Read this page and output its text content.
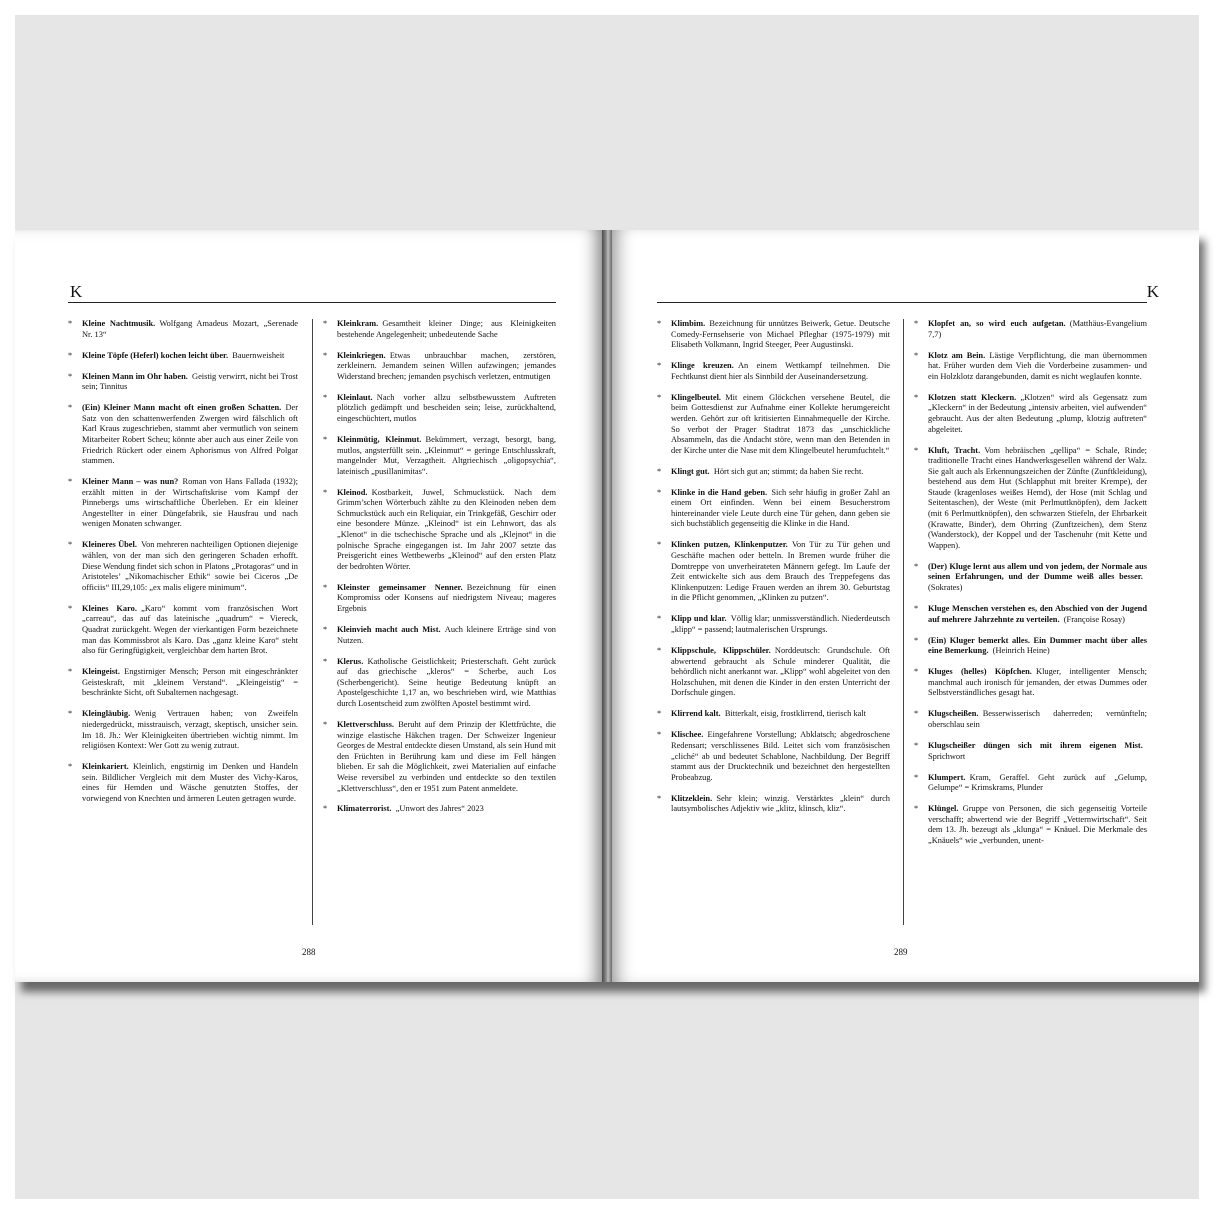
K
* Kleine Nachtmusik.  Wolfgang Amadeus Mozart, „Serenade Nr. 13“
* Kleine Töpfe (Heferl) kochen leicht über.  Bauernweisheit
* Kleinen Mann im Ohr haben.  Geistig verwirrt, nicht bei Trost sein; Tinnitus
* (Ein) Kleiner Mann macht oft einen großen Schatten.  Der Satz von den schattenwerfenden Zwergen wird fälschlich oft Karl Kraus zugeschrieben, stammt aber vermutlich von seinem Mitarbeiter Robert Scheu; könnte aber auch aus einer Zeile von Friedrich Rückert oder einem Aphorismus von Alfred Polgar stammen.
* Kleiner Mann – was nun?  Roman von Hans Fallada (1932); erzählt mitten in der Wirtschaftskrise vom Kampf der Pinnebergs ums wirtschaftliche Überleben. Er ein kleiner Angestellter in einer Düngefabrik, sie Hausfrau und nach wenigen Monaten schwanger.
* Kleineres Übel.  Von mehreren nachteiligen Optionen diejenige wählen, von der man sich den geringeren Schaden erhofft. Diese Wendung findet sich schon in Platons „Protagoras“ und in Aristoteles’ „Nikomachischer Ethik“ sowie bei Ciceros „De officiis“ III,29,105: „ex malis eligere minimum“.
* Kleines Karo.  „Karo“ kommt vom französischen Wort „carreau“, das auf das lateinische „quadrum“ = Viereck, Quadrat zurückgeht. Wegen der vierkantigen Form bezeichnete man das Kommissbrot als Karo. Das „ganz kleine Karo“ steht also für Geringfügigkeit, vergleichbar dem harten Brot.
* Kleingeist.  Engstirniger Mensch; Person mit eingeschränkter Geisteskraft, mit „kleinem Verstand“. „Kleingeistig“ = beschränkte Sicht, oft Subalternen nachgesagt.
* Kleingläubig.  Wenig Vertrauen haben; von Zweifeln niedergedrückt, misstrauisch, verzagt, skeptisch, unsicher sein. Im 18. Jh.: Wer Kleinigkeiten übertrieben wichtig nimmt. Im religiösen Kontext: Wer Gott zu wenig zutraut.
* Kleinkariert.  Kleinlich, engstirnig im Denken und Handeln sein. Bildlicher Vergleich mit dem Muster des Vichy-Karos, eines für Hemden und Wäsche genutzten Stoffes, der vorwiegend von Knechten und ärmeren Leuten getragen wurde.
* Kleinkram.  Gesamtheit kleiner Dinge; aus Kleinigkeiten bestehende Angelegenheit; unbedeutende Sache
* Kleinkriegen.  Etwas unbrauchbar machen, zerstören, zerkleinern. Jemandem seinen Willen aufzwingen; jemandes Widerstand brechen; jemanden psychisch verletzen, entmutigen
* Kleinlaut.  Nach vorher allzu selbstbewusstem Auftreten plötzlich gedämpft und bescheiden sein; leise, zurückhaltend, eingeschüchtert, mutlos
* Kleinmütig, Kleinmut.  Bekümmert, verzagt, besorgt, bang, mutlos, angsterfüllt sein. „Kleinmut“ = geringe Entschlusskraft, mangelnder Mut, Verzagtheit. Altgriechisch „oligopsychía“, lateinisch „pusillanimitas“.
* Kleinod.  Kostbarkeit, Juwel, Schmuckstück. Nach dem Grimm’schen Wörterbuch zählte zu den Kleinoden neben dem Schmuckstück auch ein Reliquiar, ein Trinkgefäß, Geschirr oder eine besondere Münze. „Kleinod“ ist ein Lehnwort, das als „Klenot“ in die tschechische Sprache und als „Klejnot“ in die polnische Sprache eingegangen ist. Im Jahr 2007 setzte das Preisgericht eines Wettbewerbs „Kleinod“ auf den ersten Platz der bedrohten Wörter.
* Kleinster gemeinsamer Nenner.  Bezeichnung für einen Kompromiss oder Konsens auf niedrigstem Niveau; mageres Ergebnis
* Kleinvieh macht auch Mist.  Auch kleinere Erträge sind von Nutzen.
* Klerus.  Katholische Geistlichkeit; Priesterschaft. Geht zurück auf das griechische „kleros“ = Scherbe, auch Los (Scherbengericht). Seine heutige Bedeutung knüpft an Apostelgeschichte 1,17 an, wo beschrieben wird, wie Matthias durch Losentscheid zum zwölften Apostel bestimmt wird.
* Klettverschluss.  Beruht auf dem Prinzip der Klettfrüchte, die winzige elastische Häkchen tragen. Der Schweizer Ingenieur Georges de Mestral entdeckte diesen Umstand, als sein Hund mit den Früchten in Berührung kam und diese im Fell hängen blieben. Er sah die Möglichkeit, zwei Materialien auf einfache Weise reversibel zu verbinden und entdeckte so den textilen „Klettverschluss“, den er 1951 zum Patent anmeldete.
* Klimaterrorist.  „Unwort des Jahres“ 2023
288
K
* Klimbim.  Bezeichnung für unnützes Beiwerk, Getue. Deutsche Comedy-Fernsehserie von Michael Pfleghar (1975-1979) mit Elisabeth Volkmann, Ingrid Steeger, Peer Augustinski.
* Klinge kreuzen.  An einem Wettkampf teilnehmen. Die Fechtkunst dient hier als Sinnbild der Auseinandersetzung.
* Klingelbeutel.  Mit einem Glöckchen versehene Beutel, die beim Gottesdienst zur Aufnahme einer Kollekte herumgereicht werden. Gehört zur oft kritisierten Einnahmequelle der Kirche. So verbot der Prager Stadtrat 1873 das „unschickliche Absammeln, das die Andacht störe, wenn man den Betenden in der Kirche unter die Nase mit dem Klingelbeutel herumfuchtelt.“
* Klingt gut.  Hört sich gut an; stimmt; da haben Sie recht.
* Klinke in die Hand geben.  Sich sehr häufig in großer Zahl an einem Ort einfinden. Wenn bei einem Besucherstrom hintereinander viele Leute durch eine Tür gehen, dann geben sie sich buchstäblich gegenseitig die Klinke in die Hand.
* Klinken putzen, Klinkenputzer.  Von Tür zu Tür gehen und Geschäfte machen oder betteln. In Bremen wurde früher die Domtreppe von unverheirateten Männern gefegt. Im Laufe der Zeit entwickelte sich aus dem Brauch des Treppefegens das Klinkenputzen: Ledige Frauen werden an ihrem 30. Geburtstag in die Pflicht genommen, „Klinken zu putzen“.
* Klipp und klar.  Völlig klar; unmissverständlich. Niederdeutsch „klipp“ = passend; lautmalerischen Ursprungs.
* Klippschule, Klippschüler.  Norddeutsch: Grundschule. Oft abwertend gebraucht als Schule minderer Qualität, die behördlich nicht anerkannt war. „Klipp“ wohl abgeleitet von den Holzschuhen, mit denen die Kinder in den ersten Unterricht der Dorfschule gingen.
* Klirrend kalt.  Bitterkalt, eisig, frostklirrend, tierisch kalt
* Klischee.  Eingefahrene Vorstellung; Abklatsch; abgedroschene Redensart; verschlissenes Bild. Leitet sich vom französischen „cliché“ ab und bedeutet Schablone, Nachbildung. Der Begriff stammt aus der Drucktechnik und bezeichnet den hergestellten Probeabzug.
* Klitzeklein.  Sehr klein; winzig. Verstärktes „klein“ durch lautsymbolisches Adjektiv wie „klitz, klinsch, kliz“.
* Klopfet an, so wird euch aufgetan.  (Matthäus-Evangelium 7,7)
* Klotz am Bein.  Lästige Verpflichtung, die man übernommen hat. Früher wurden dem Vieh die Vorderbeine zusammen- und ein Holzklotz darangebunden, damit es nicht weglaufen konnte.
* Klotzen statt Kleckern.  „Klotzen“ wird als Gegensatz zum „Kleckern“ in der Bedeutung „intensiv arbeiten, viel aufwenden“ gebraucht. Aus der alten Bedeutung „plump, klotzig auftreten“ abgeleitet.
* Kluft, Tracht.  Vom hebräischen „qellipa“ = Schale, Rinde; traditionelle Tracht eines Handwerksgesellen während der Walz. Sie galt auch als Erkennungszeichen der Zünfte (Zunftkleidung), bestehend aus dem Hut (Schlapphut mit breiter Krempe), der Staude (kragenloses weißes Hemd), der Hose (mit Schlag und Seitentaschen), der Weste (mit Perlmuttknöpfen), dem Jackett (mit 6 Perlmuttknöpfen), den schwarzen Stiefeln, der Ehrbarkeit (Krawatte, Binder), dem Ohrring (Zunftzeichen), dem Stenz (Wanderstock), der Koppel und der Taschenuhr (mit Kette und Wappen).
* (Der) Kluge lernt aus allem und von jedem, der Normale aus seinen Erfahrungen, und der Dumme weiß alles besser. (Sokrates)
* Kluge Menschen verstehen es, den Abschied von der Jugend auf mehrere Jahrzehnte zu verteilen.  (Françoise Rosay)
* (Ein) Kluger bemerkt alles. Ein Dummer macht über alles eine Bemerkung.  (Heinrich Heine)
* Kluges (helles) Köpfchen.  Kluger, intelligenter Mensch; manchmal auch ironisch für jemanden, der etwas Dummes oder Selbstverständliches gesagt hat.
* Klugscheißen.  Besserwisserisch daherreden; vernünfteln; oberschlau sein
* Klugscheißer düngen sich mit ihrem eigenen Mist. Sprichwort
* Klumpert.  Kram, Geraffel. Geht zurück auf „Gelump, Gelumpe“ = Krimskrams, Plunder
* Klüngel.  Gruppe von Personen, die sich gegenseitig Vorteile verschafft; abwertend wie der Begriff „Vetternwirtschaft“. Seit dem 13. Jh. bezeugt als „klunga“ = Knäuel. Die Merkmale des „Knäuels“ wie „verbunden, unent-
289
